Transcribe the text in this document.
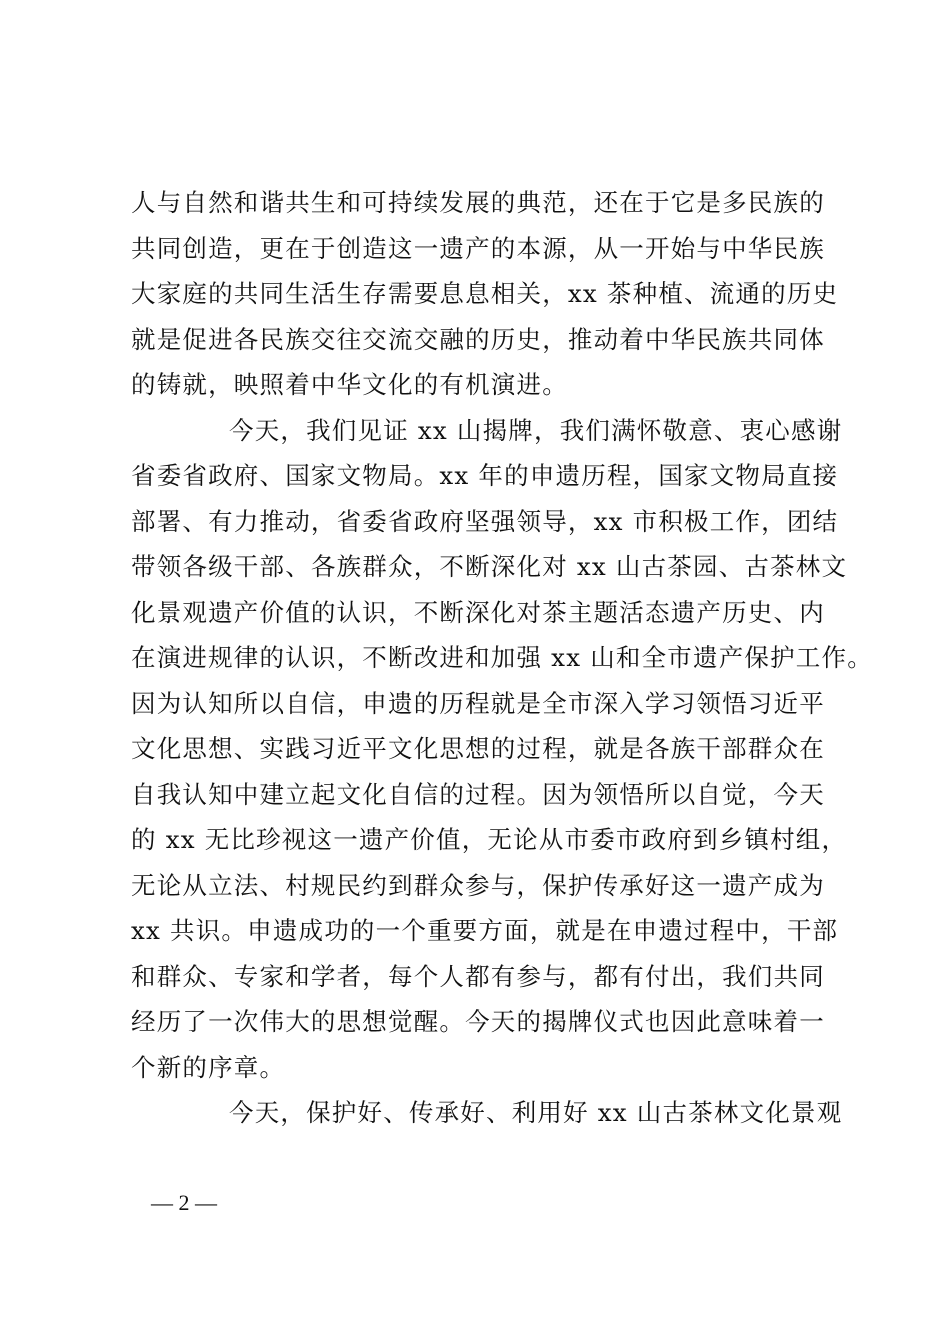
人与自然和谐共生和可持续发展的典范，还在于它是多民族的
共同创造，更在于创造这一遗产的本源，从一开始与中华民族
大家庭的共同生活生存需要息息相关，xx 茶种植、流通的历史
就是促进各民族交往交流交融的历史，推动着中华民族共同体
的铸就，映照着中华文化的有机演进。
今天，我们见证 xx 山揭牌，我们满怀敬意、衷心感谢
省委省政府、国家文物局。xx 年的申遗历程，国家文物局直接
部署、有力推动，省委省政府坚强领导，xx 市积极工作，团结
带领各级干部、各族群众，不断深化对 xx 山古茶园、古茶林文
化景观遗产价值的认识，不断深化对茶主题活态遗产历史、内
在演进规律的认识，不断改进和加强 xx 山和全市遗产保护工作。
因为认知所以自信，申遗的历程就是全市深入学习领悟习近平
文化思想、实践习近平文化思想的过程，就是各族干部群众在
自我认知中建立起文化自信的过程。因为领悟所以自觉，今天
的 xx 无比珍视这一遗产价值，无论从市委市政府到乡镇村组，
无论从立法、村规民约到群众参与，保护传承好这一遗产成为
xx 共识。申遗成功的一个重要方面，就是在申遗过程中，干部
和群众、专家和学者，每个人都有参与，都有付出，我们共同
经历了一次伟大的思想觉醒。今天的揭牌仪式也因此意味着一
个新的序章。
今天，保护好、传承好、利用好 xx 山古茶林文化景观
— 2 —
